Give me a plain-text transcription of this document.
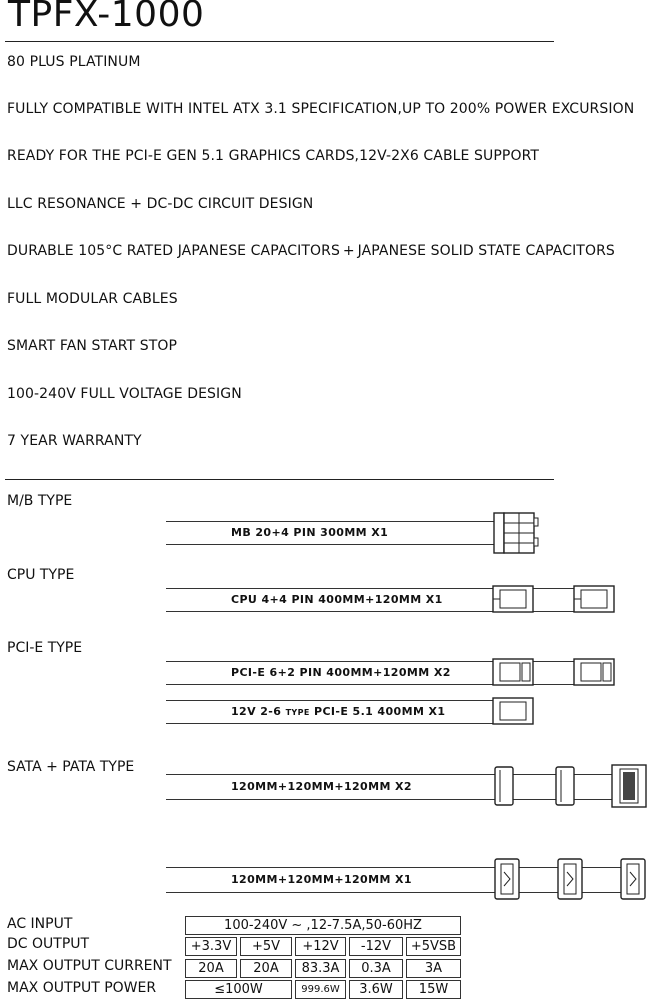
TPFX-1000
80 PLUS PLATINUM
FULLY COMPATIBLE WITH INTEL ATX 3.1 SPECIFICATION,UP TO 200% POWER EXCURSION
READY FOR THE PCI-E GEN 5.1 GRAPHICS CARDS,12V-2X6 CABLE SUPPORT
LLC RESONANCE + DC-DC CIRCUIT DESIGN
DURABLE 105°C RATED JAPANESE CAPACITORS + JAPANESE SOLID STATE CAPACITORS
FULL MODULAR CABLES
SMART FAN START STOP
100-240V FULL VOLTAGE DESIGN
7 YEAR WARRANTY
M/B TYPE
MB 20+4 PIN 300MM X1
CPU TYPE
CPU 4+4 PIN 400MM+120MM X1
PCI-E TYPE
PCI-E 6+2 PIN 400MM+120MM X2
12V 2-6 TYPE PCI-E 5.1 400MM X1
SATA + PATA TYPE
120MM+120MM+120MM X2
120MM+120MM+120MM X1
AC INPUT	100-240V ~ ,12-7.5A,50-60HZ
DC OUTPUT	+3.3V	+5V	+12V	-12V	+5VSB
MAX OUTPUT CURRENT	20A	20A	83.3A	0.3A	3A
MAX OUTPUT POWER	≤100W	999.6W	3.6W	15W
